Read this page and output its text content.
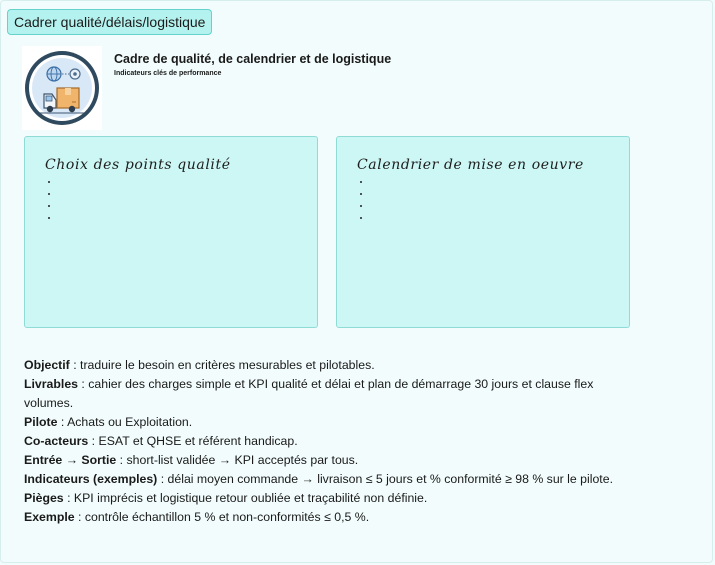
Cadrer qualité/délais/logistique
Cadre de qualité, de calendrier et de logistique
Indicateurs clés de performance
Choix des points qualité	Calendrier de mise en oeuvre

Objectif : traduire le besoin en critères mesurables et pilotables.

Livrables : cahier des charges simple et KPI qualité et délai et plan de démarrage 30 jours et clause flex volumes.

Pilote : Achats ou Exploitation.

Co-acteurs : ESAT et QHSE et référent handicap.

Entrée → Sortie : short-list validée → KPI acceptés par tous.

Indicateurs (exemples) : délai moyen commande → livraison ≤ 5 jours et % conformité ≥ 98 % sur le pilote.

Pièges : KPI imprécis et logistique retour oubliée et traçabilité non définie.

Exemple : contrôle échantillon 5 % et non-conformités ≤ 0,5 %.
